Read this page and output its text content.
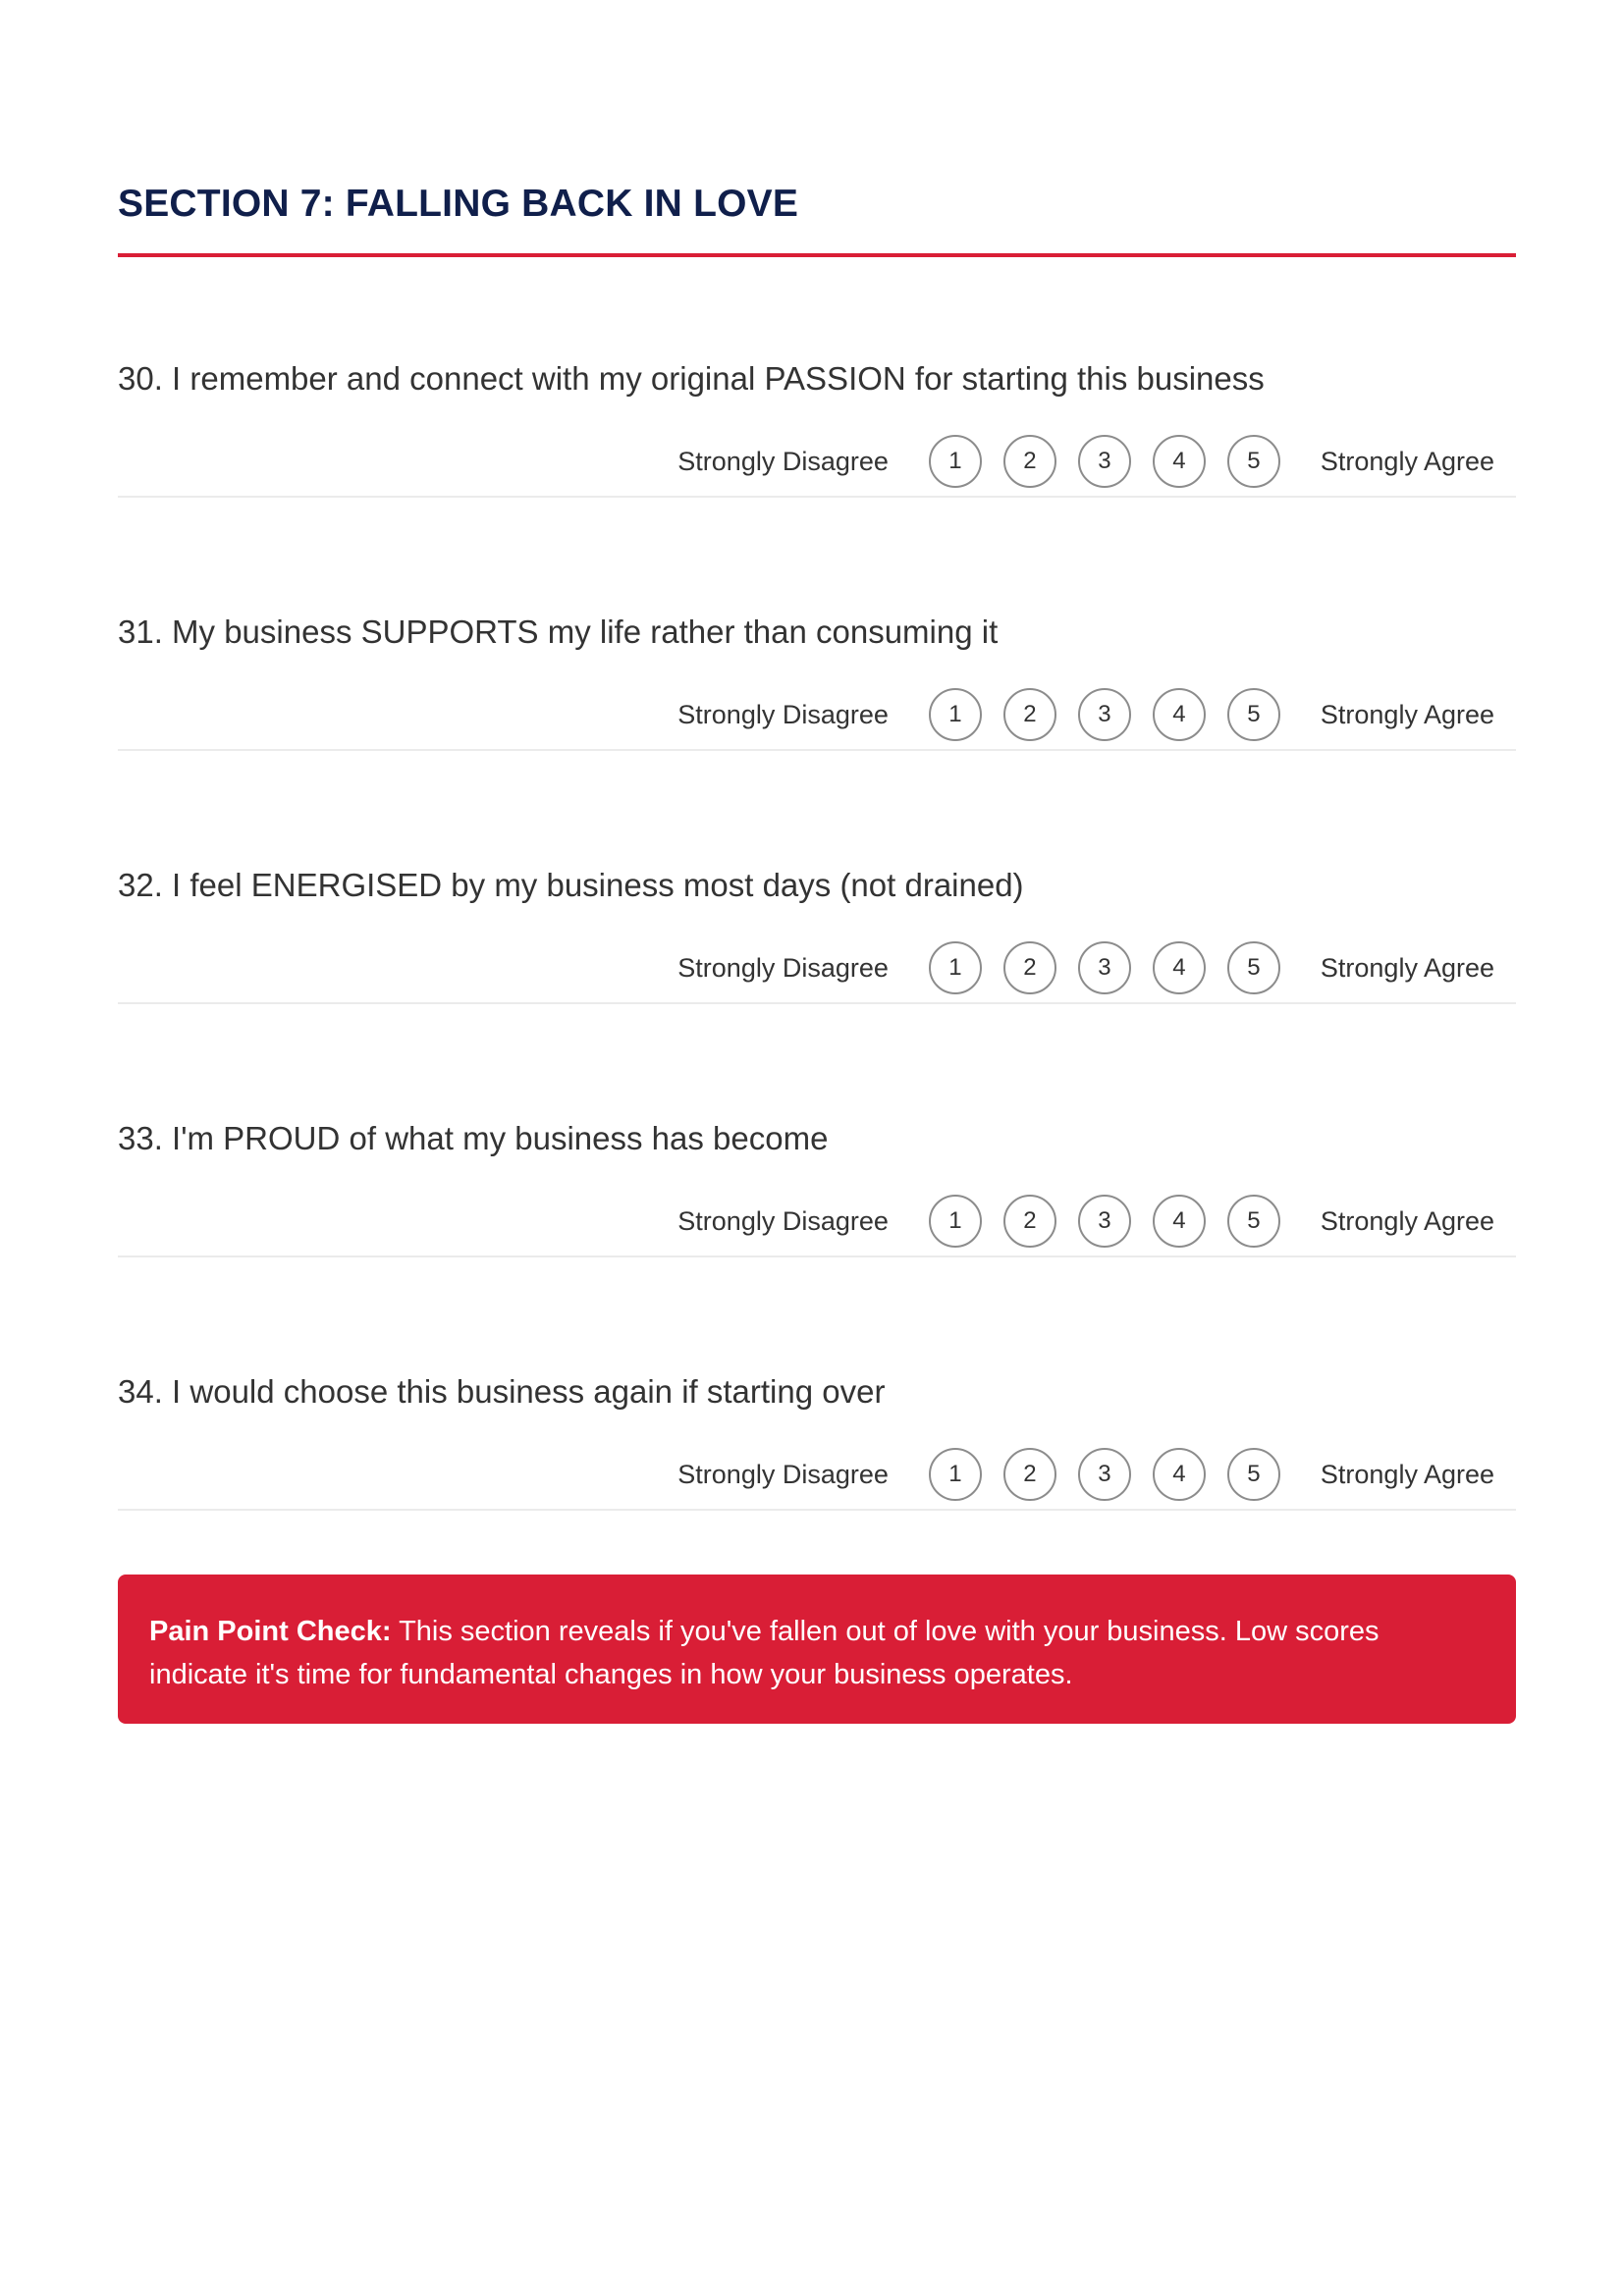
SECTION 7: FALLING BACK IN LOVE

30. I remember and connect with my original PASSION for starting this business

Strongly Disagree	1	2	3	4	5	Strongly Agree

31. My business SUPPORTS my life rather than consuming it

Strongly Disagree	1	2	3	4	5	Strongly Agree

32. I feel ENERGISED by my business most days (not drained)

Strongly Disagree	1	2	3	4	5	Strongly Agree

33. I'm PROUD of what my business has become

Strongly Disagree	1	2	3	4	5	Strongly Agree

34. I would choose this business again if starting over

Strongly Disagree	1	2	3	4	5	Strongly Agree
Pain Point Check: This section reveals if you've fallen out of love with your business. Low scores indicate it's time for fundamental changes in how your business operates.
